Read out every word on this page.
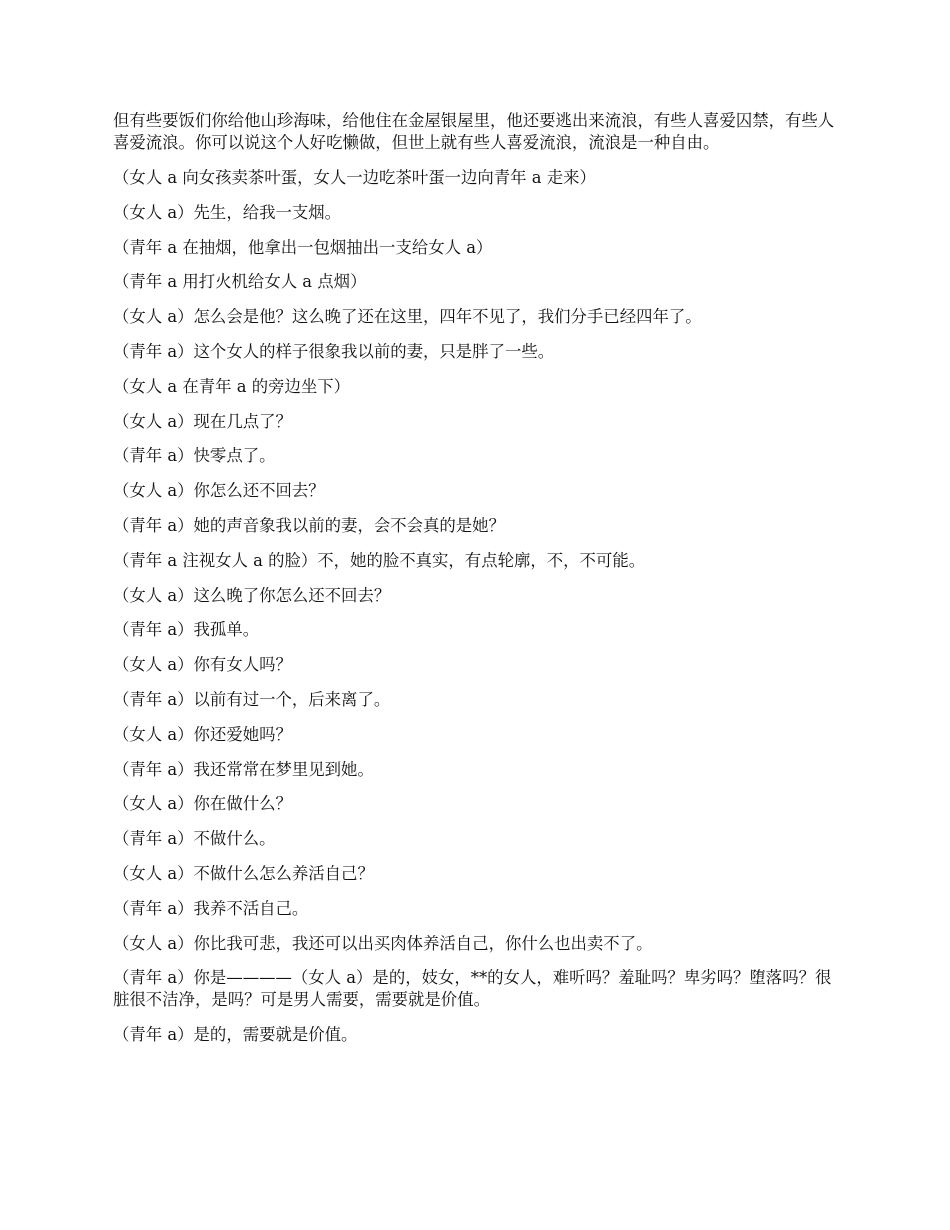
但有些要饭们你给他山珍海味，给他住在金屋银屋里，他还要逃出来流浪，有些人喜爱囚禁，有些人喜爱流浪。你可以说这个人好吃懒做，但世上就有些人喜爱流浪，流浪是一种自由。

（女人 a 向女孩卖茶叶蛋，女人一边吃茶叶蛋一边向青年 a 走来）

（女人 a）先生，给我一支烟。

（青年 a 在抽烟，他拿出一包烟抽出一支给女人 a）

（青年 a 用打火机给女人 a 点烟）

（女人 a）怎么会是他？这么晚了还在这里，四年不见了，我们分手已经四年了。

（青年 a）这个女人的样子很象我以前的妻，只是胖了一些。

（女人 a 在青年 a 的旁边坐下）

（女人 a）现在几点了？

（青年 a）快零点了。

（女人 a）你怎么还不回去？

（青年 a）她的声音象我以前的妻，会不会真的是她？

（青年 a 注视女人 a 的脸）不，她的脸不真实，有点轮廓，不，不可能。

（女人 a）这么晚了你怎么还不回去？

（青年 a）我孤单。

（女人 a）你有女人吗？

（青年 a）以前有过一个，后来离了。

（女人 a）你还爱她吗？

（青年 a）我还常常在梦里见到她。

（女人 a）你在做什么？

（青年 a）不做什么。

（女人 a）不做什么怎么养活自己？

（青年 a）我养不活自己。

（女人 a）你比我可悲，我还可以出买肉体养活自己，你什么也出卖不了。

（青年 a）你是————（女人 a）是的，妓女，**的女人，难听吗？羞耻吗？卑劣吗？堕落吗？很脏很不洁净，是吗？可是男人需要，需要就是价值。

（青年 a）是的，需要就是价值。
